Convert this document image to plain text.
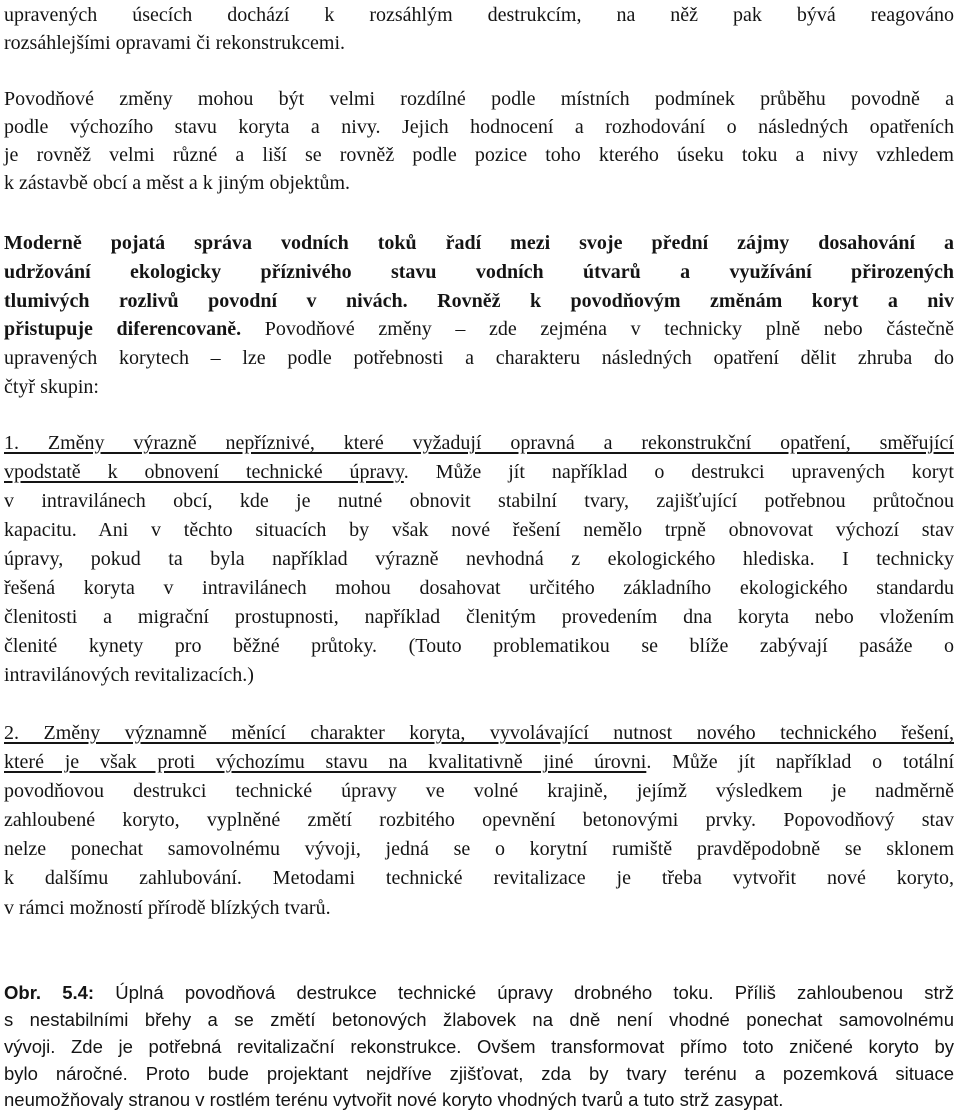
upravených úsecích dochází k rozsáhlým destrukcím, na něž pak bývá reagováno
rozsáhlejšími opravami či rekonstrukcemi.
Povodňové změny mohou být velmi rozdílné podle místních podmínek průběhu povodně a
podle výchozího stavu koryta a nivy. Jejich hodnocení a rozhodování o následných opatřeních
je rovněž velmi různé a liší se rovněž podle pozice toho kterého úseku toku a nivy vzhledem
k zástavbě obcí a měst a k jiným objektům.
Moderně pojatá správa vodních toků řadí mezi svoje přední zájmy dosahování a
udržování ekologicky příznivého stavu vodních útvarů a využívání přirozených
tlumivých rozlivů povodní v nivách. Rovněž k povodňovým změnám koryt a niv
přistupuje diferencovaně. Povodňové změny – zde zejména v technicky plně nebo částečně
upravených korytech – lze podle potřebnosti a charakteru následných opatření dělit zhruba do
čtyř skupin:
1. Změny výrazně nepříznivé, které vyžadují opravná a rekonstrukční opatření, směřující
vpodstatě k obnovení technické úpravy. Může jít například o destrukci upravených koryt
v intravilánech obcí, kde je nutné obnovit stabilní tvary, zajišťující potřebnou průtočnou
kapacitu. Ani v těchto situacích by však nové řešení nemělo trpně obnovovat výchozí stav
úpravy, pokud ta byla například výrazně nevhodná z ekologického hlediska. I technicky
řešená koryta v intravilánech mohou dosahovat určitého základního ekologického standardu
členitosti a migrační prostupnosti, například členitým provedením dna koryta nebo vložením
členité kynety pro běžné průtoky. (Touto problematikou se blíže zabývají pasáže o
intravilánových revitalizacích.)
2. Změny významně měnící charakter koryta, vyvolávající nutnost nového technického řešení,
které je však proti výchozímu stavu na kvalitativně jiné úrovni. Může jít například o totální
povodňovou destrukci technické úpravy ve volné krajině, jejímž výsledkem je nadměrně
zahloubené koryto, vyplněné změtí rozbitého opevnění betonovými prvky. Popovodňový stav
nelze ponechat samovolnému vývoji, jedná se o korytní rumiště pravděpodobně se sklonem
k dalšímu zahlubování. Metodami technické revitalizace je třeba vytvořit nové koryto,
v rámci možností přírodě blízkých tvarů.
Obr. 5.4: Úplná povodňová destrukce technické úpravy drobného toku. Příliš zahloubenou strž
s nestabilními břehy a se změtí betonových žlabovek na dně není vhodné ponechat samovolnému
vývoji. Zde je potřebná revitalizační rekonstrukce. Ovšem transformovat přímo toto zničené koryto by
bylo náročné. Proto bude projektant nejdříve zjišťovat, zda by tvary terénu a pozemková situace
neumožňovaly stranou v rostlém terénu vytvořit nové koryto vhodných tvarů a tuto strž zasypat.
